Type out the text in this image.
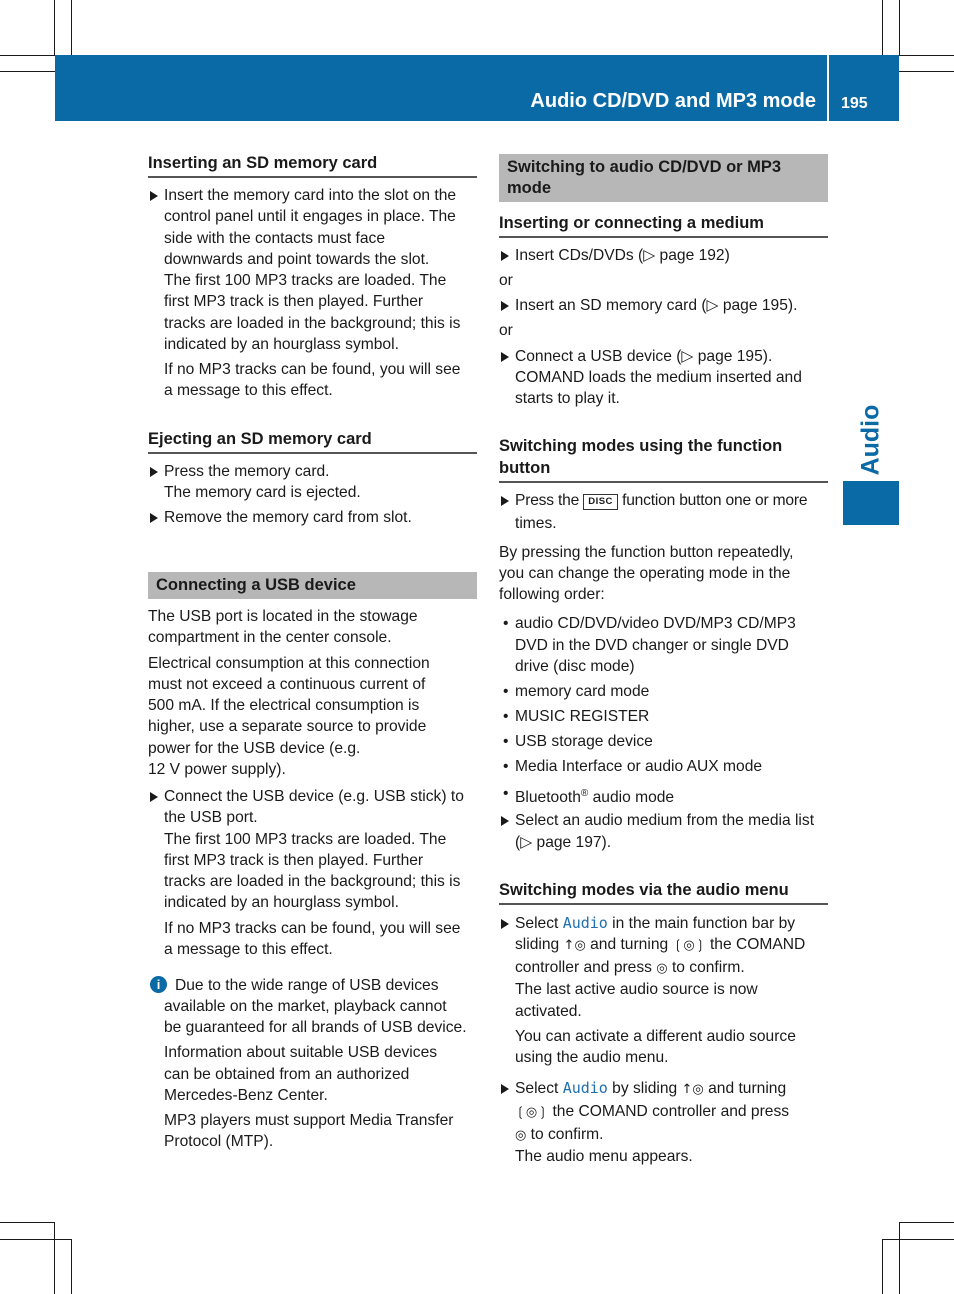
Audio CD/DVD and MP3 mode 195
Audio
Inserting an SD memory card
Insert the memory card into the slot on the
control panel until it engages in place. The
side with the contacts must face
downwards and point towards the slot.
The first 100 MP3 tracks are loaded. The
first MP3 track is then played. Further
tracks are loaded in the background; this is
indicated by an hourglass symbol.
If no MP3 tracks can be found, you will see
a message to this effect.
Ejecting an SD memory card
Press the memory card.
The memory card is ejected.
Remove the memory card from slot.
Connecting a USB device
The USB port is located in the stowage
compartment in the center console.
Electrical consumption at this connection
must not exceed a continuous current of
500 mA. If the electrical consumption is
higher, use a separate source to provide
power for the USB device (e.g.
12 V power supply).
Connect the USB device (e.g. USB stick) to
the USB port.
The first 100 MP3 tracks are loaded. The
first MP3 track is then played. Further
tracks are loaded in the background; this is
indicated by an hourglass symbol.
If no MP3 tracks can be found, you will see
a message to this effect.
i Due to the wide range of USB devices
available on the market, playback cannot
be guaranteed for all brands of USB device.
Information about suitable USB devices
can be obtained from an authorized
Mercedes-Benz Center.
MP3 players must support Media Transfer
Protocol (MTP).
Switching to audio CD/DVD or MP3
mode
Inserting or connecting a medium
Insert CDs/DVDs (▷ page 192)
or
Insert an SD memory card (▷ page 195).
or
Connect a USB device (▷ page 195).
COMAND loads the medium inserted and
starts to play it.
Switching modes using the function
button
Press the DISC function button one or more
times.
By pressing the function button repeatedly,
you can change the operating mode in the
following order:
• audio CD/DVD/video DVD/MP3 CD/MP3
DVD in the DVD changer or single DVD
drive (disc mode)
• memory card mode
• MUSIC REGISTER
• USB storage device
• Media Interface or audio AUX mode
• Bluetooth® audio mode
Select an audio medium from the media list
(▷ page 197).
Switching modes via the audio menu
Select Audio in the main function bar by
sliding ↑◎ and turning ❲◎❳ the COMAND
controller and press ◎ to confirm.
The last active audio source is now
activated.
You can activate a different audio source
using the audio menu.
Select Audio by sliding ↑◎ and turning
❲◎❳ the COMAND controller and press
◎ to confirm.
The audio menu appears.
